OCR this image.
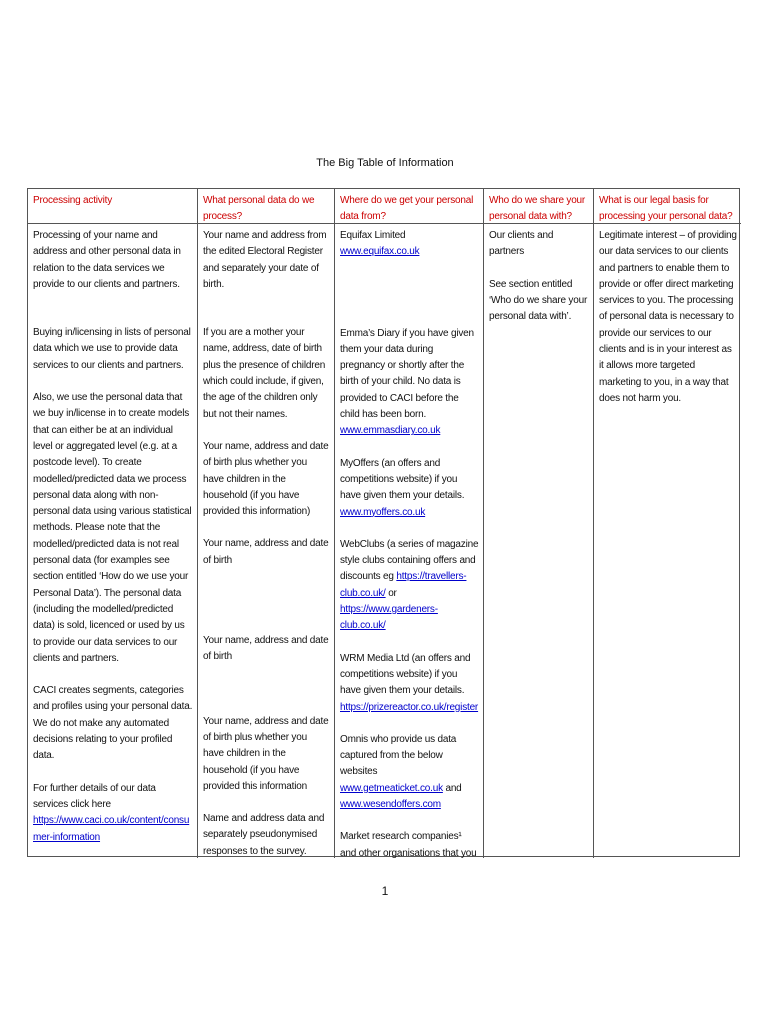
The Big Table of Information
Processing activity	What personal data do we process?
Where do we get your personal data from?
Who do we share your personal data with?
What is our legal basis for processing your personal data?

Processing of your name and address and other personal data in relation to the data services we provide to our clients and partners.

Buying in/licensing in lists of personal data which we use to provide data services to our clients and partners.

Also, we use the personal data that we buy in/license in to create models that can either be at an individual level or aggregated level (e.g. at a postcode level). To create modelled/predicted data we process personal data along with non-personal data using various statistical methods. Please note that the modelled/predicted data is not real personal data (for examples see section entitled ‘How do we use your Personal Data’). The personal data (including the modelled/predicted data) is sold, licenced or used by us to provide our data services to our clients and partners.

CACI creates segments, categories and profiles using your personal data. We do not make any automated decisions relating to your profiled data.

For further details of our data services click here

https://www.caci.co.uk/content/consumer-information

Your name and address from the edited Electoral Register and separately your date of birth.

If you are a mother your name, address, date of birth plus the presence of children which could include, if given, the age of the children only but not their names.

Your name, address and date of birth plus whether you have children in the household (if you have provided this information)

Your name, address and date of birth

Your name, address and date of birth

Your name, address and date of birth plus whether you have children in the household (if you have provided this information

Name and address data and separately pseudonymised responses to the survey.

Equifax Limited www.equifax.co.uk

Emma’s Diary if you have given them your data during pregnancy or shortly after the birth of your child. No data is provided to CACI before the child has been born.

www.emmasdiary.co.uk

MyOffers (an offers and competitions website) if you have given them your details.

www.myoffers.co.uk

WebClubs (a series of magazine style clubs containing offers and discounts eg https://travellers-club.co.uk/ or

https://www.gardeners-club.co.uk/

WRM Media Ltd (an offers and competitions website) if you have given them your details.

https://prizereactor.co.uk/register

Omnis who provide us data captured from the below websites

www.getmeaticket.co.uk and

www.wesendoffers.com

Market research companies¹ and other organisations that you

Our clients and partners

See section entitled ‘Who do we share your personal data with’.

Legitimate interest – of providing our data services to our clients and partners to enable them to provide or offer direct marketing services to you. The processing of personal data is necessary to provide our services to our clients and is in your interest as it allows more targeted marketing to you, in a way that does not harm you.

1
